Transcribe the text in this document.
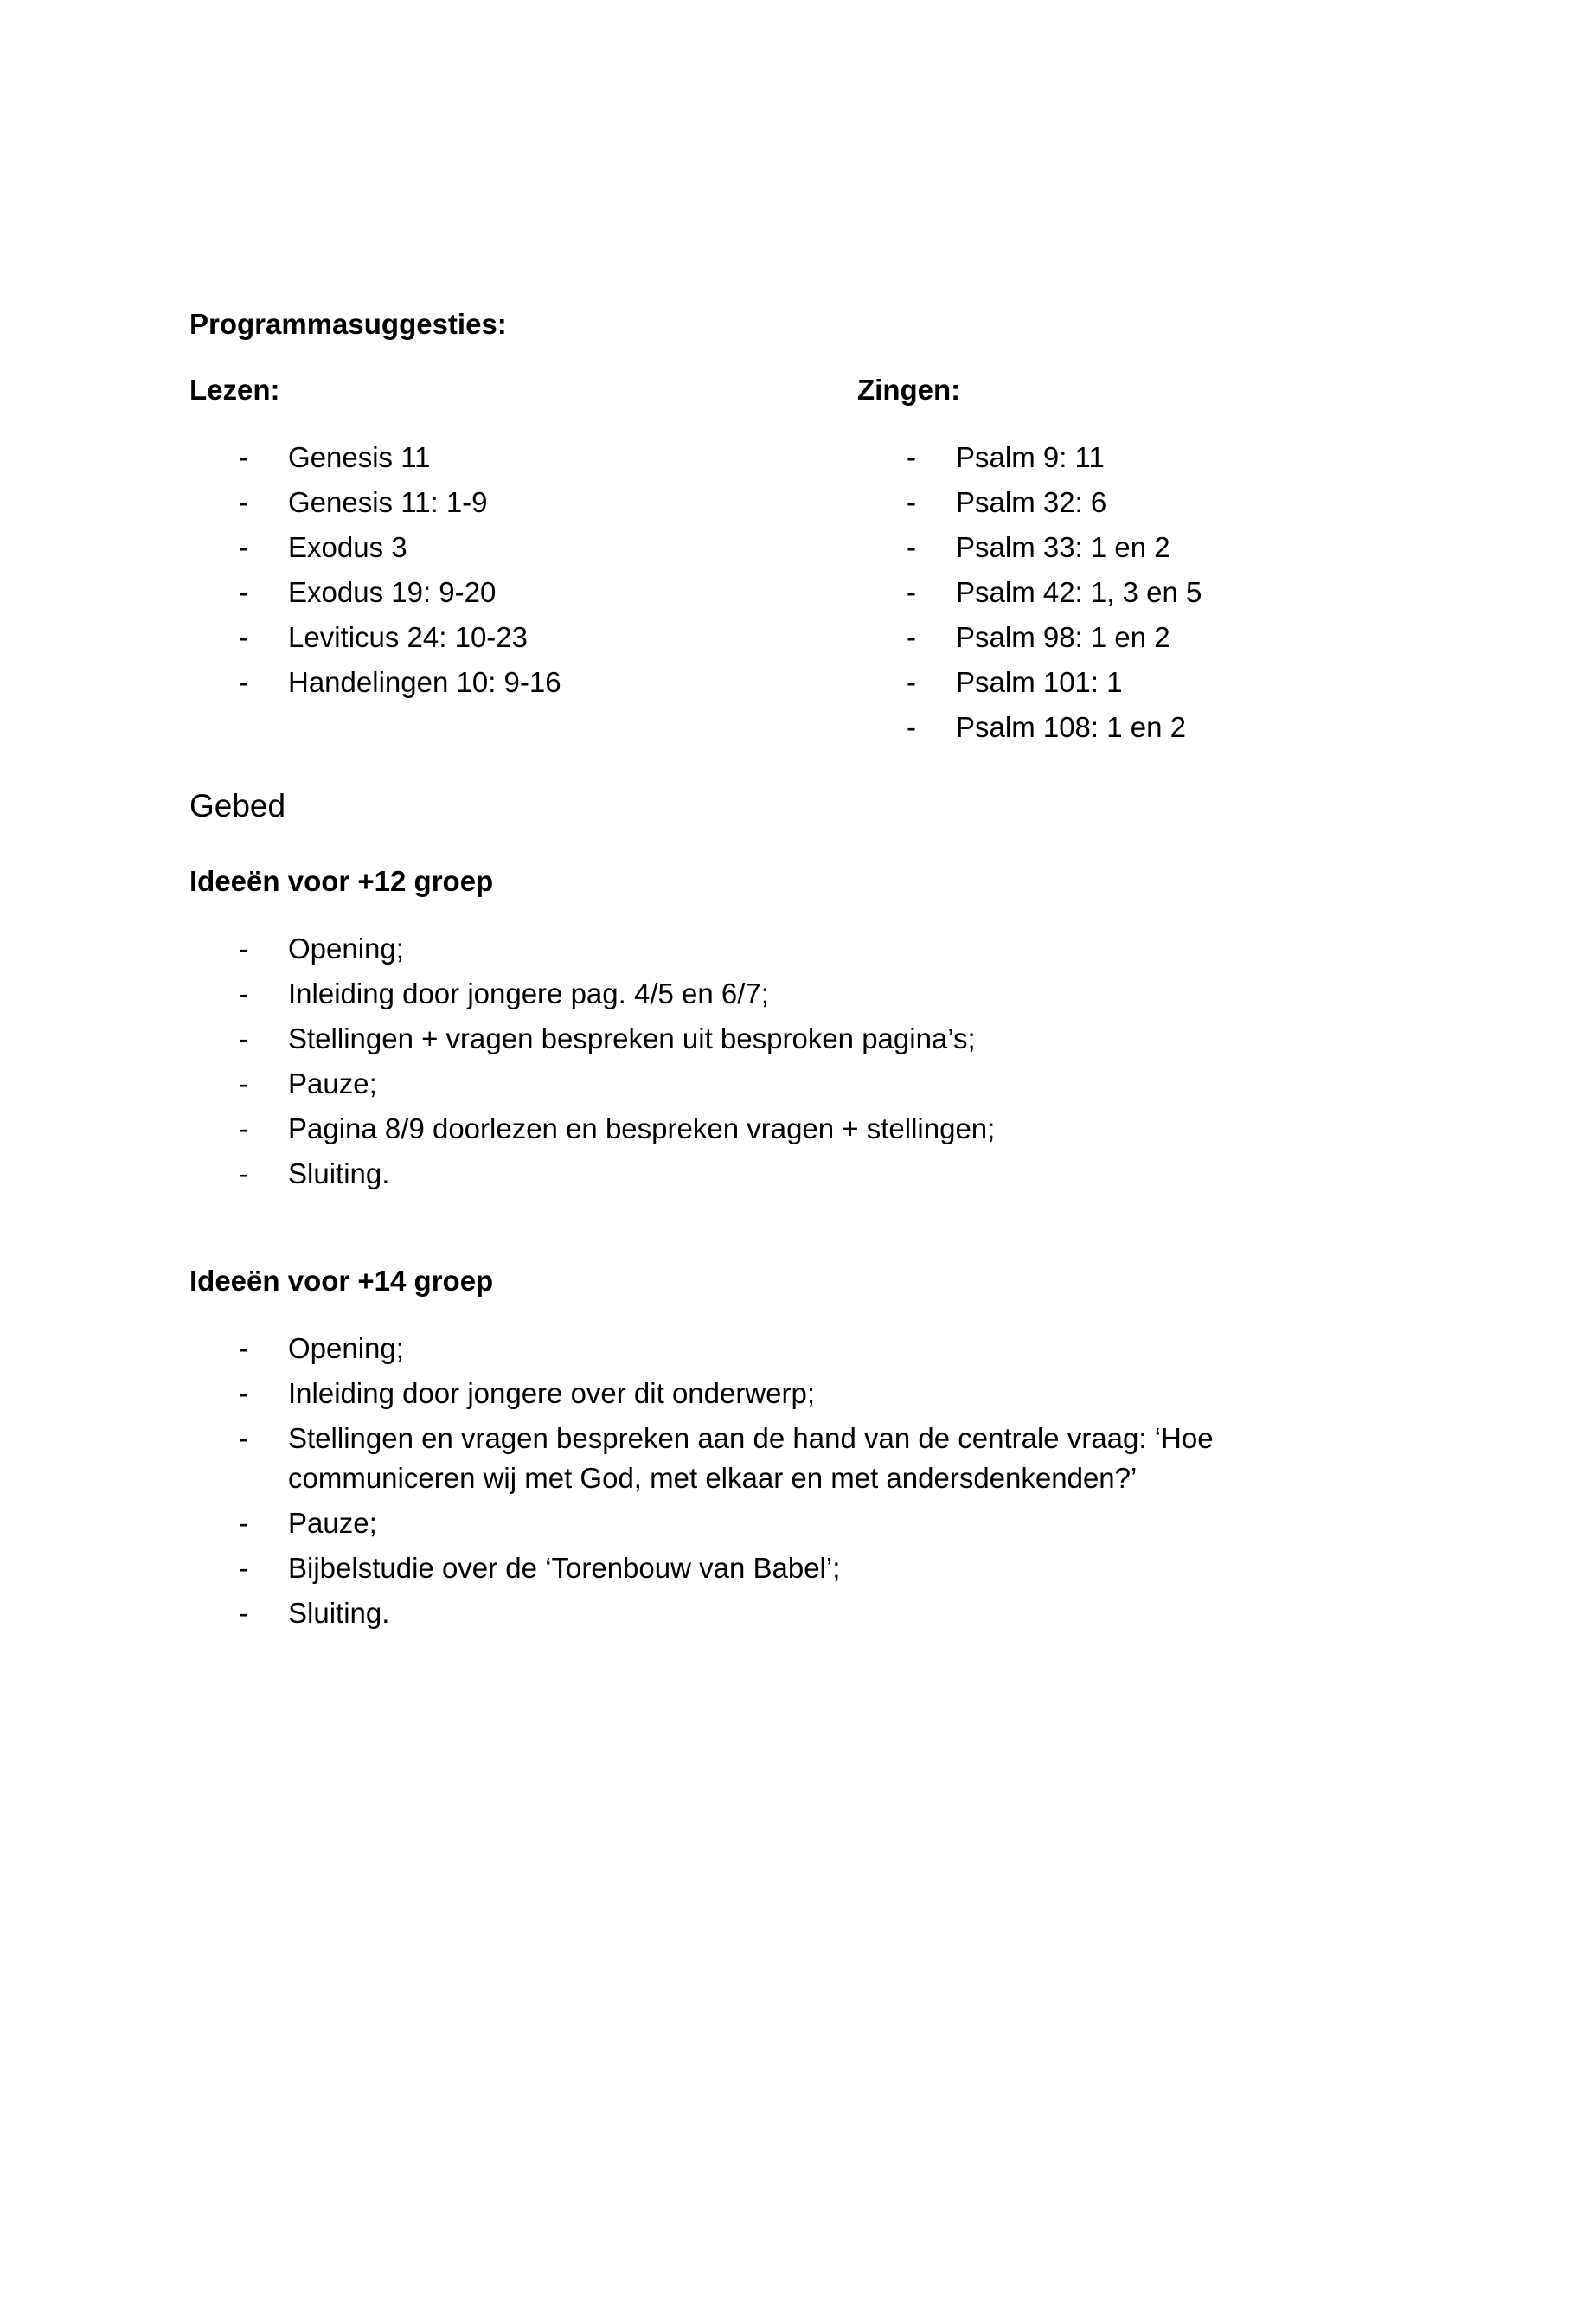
Programmasuggesties:

Lezen:

-	Genesis 11
-	Genesis 11: 1-9
-	Exodus 3
-	Exodus 19: 9-20
-	Leviticus 24: 10-23
-	Handelingen 10: 9-16

Zingen:

-	Psalm 9: 11
-	Psalm 32: 6
-	Psalm 33: 1 en 2
-	Psalm 42: 1, 3 en 5
-	Psalm 98: 1 en 2
-	Psalm 101: 1
-	Psalm 108: 1 en 2

Gebed

Ideeën voor +12 groep

-	Opening;
-	Inleiding door jongere pag. 4/5 en 6/7;
-	Stellingen + vragen bespreken uit besproken pagina’s;
-	Pauze;
-	Pagina 8/9 doorlezen en bespreken vragen + stellingen;
-	Sluiting.

Ideeën voor +14 groep

-	Opening;
-	Inleiding door jongere over dit onderwerp;
-	Stellingen en vragen bespreken aan de hand van de centrale vraag: ‘Hoe communiceren wij met God, met elkaar en met andersdenkenden?’
-	Pauze;
-	Bijbelstudie over de ‘Torenbouw van Babel’;
-	Sluiting.
